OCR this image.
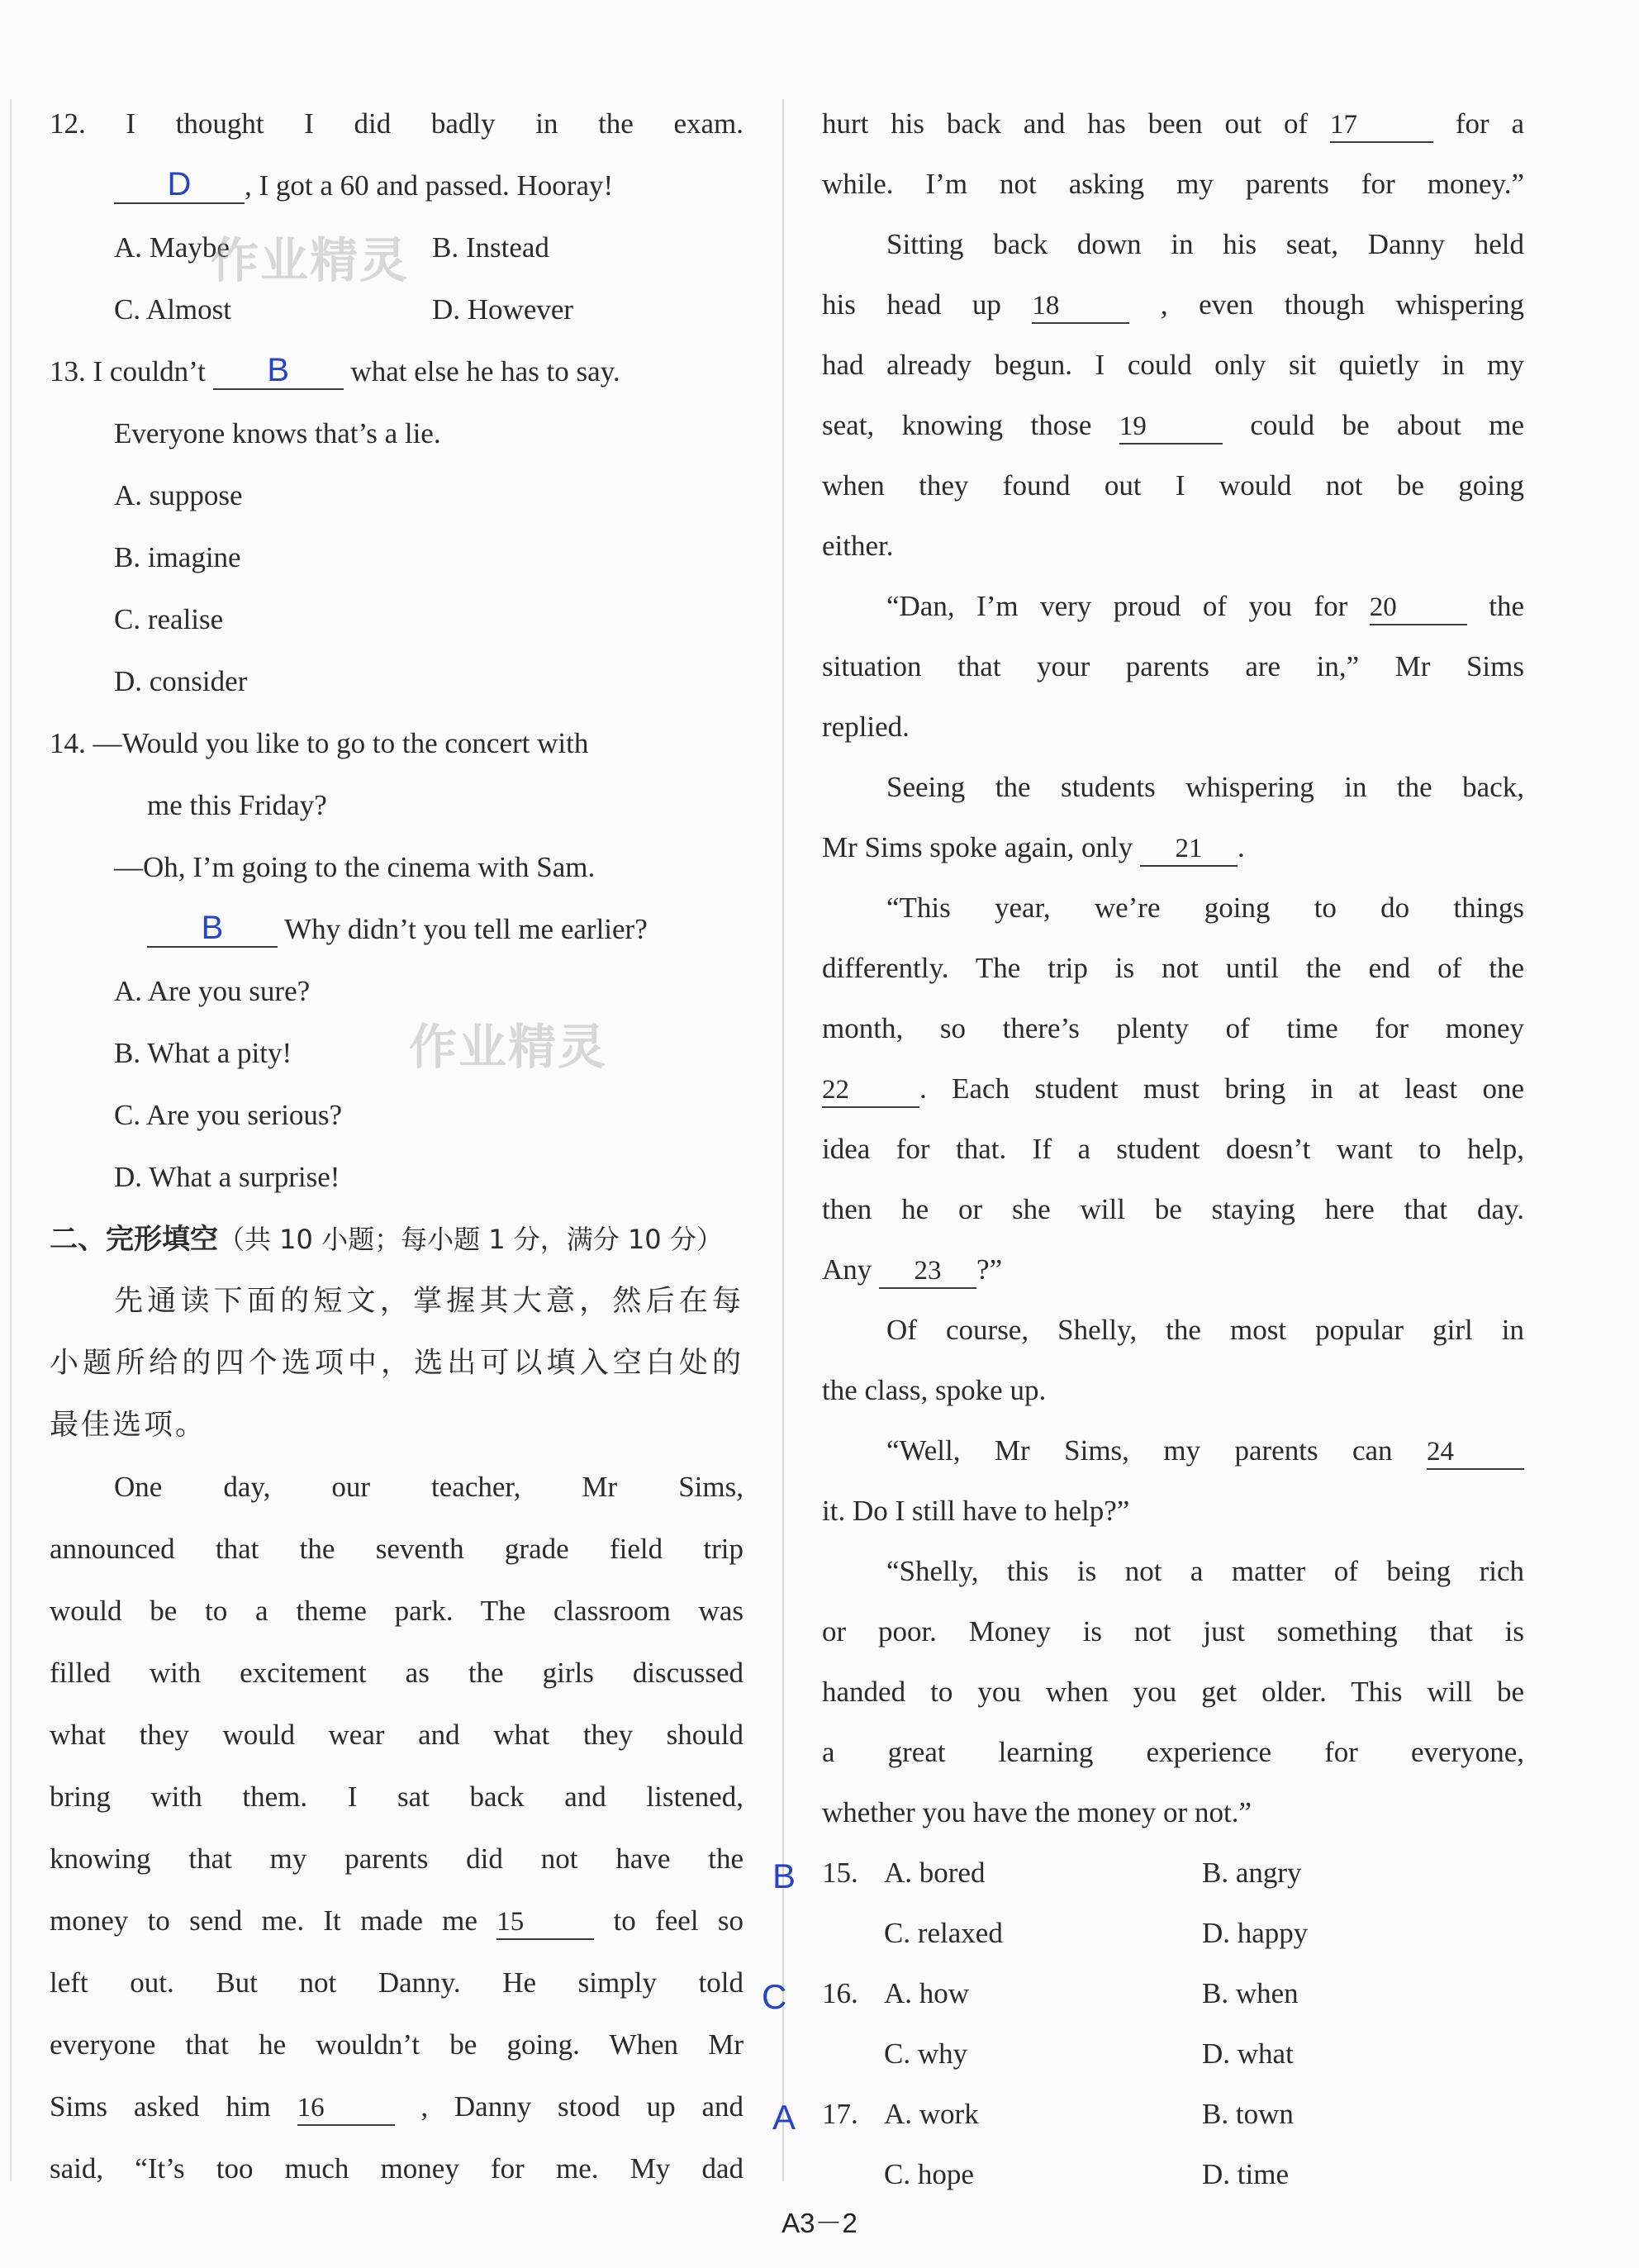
12. I thought I did badly in the exam.
D , I got a 60 and passed. Hooray!
A. Maybe	B. Instead
C. Almost	D. However
13. I couldn’t B what else he has to say.
Everyone knows that’s a lie.
A. suppose
B. imagine
C. realise
D. consider
14. —Would you like to go to the concert with
me this Friday?
—Oh, I’m going to the cinema with Sam.
B Why didn’t you tell me earlier?
A. Are you sure?
B. What a pity!
C. Are you serious?
D. What a surprise!
二、完形填空（共 10 小题；每小题 1 分，满分 10 分）
先通读下面的短文，掌握其大意，然后在每
小题所给的四个选项中，选出可以填入空白处的
最佳选项。
One day, our teacher, Mr Sims,
announced that the seventh grade field trip
would be to a theme park. The classroom was
filled with excitement as the girls discussed
what they would wear and what they should
bring with them. I sat back and listened,
knowing that my parents did not have the
money to send me. It made me 15	to feel so
left out. But not Danny. He simply told
everyone that he wouldn’t be going. When Mr
Sims asked him 16	, Danny stood up and
said, “It’s too much money for me. My dad
hurt his back and has been out of 17	for a
while. I’m not asking my parents for money.”
Sitting back down in his seat, Danny held
his head up 18	, even though whispering
had already begun. I could only sit quietly in my
seat, knowing those 19	could be about me
when they found out I would not be going
either.
“Dan, I’m very proud of you for 20	the
situation that your parents are in,” Mr Sims
replied.
Seeing the students whispering in the back,
Mr Sims spoke again, only 21 .
“This year, we’re going to do things
differently. The trip is not until the end of the
month, so there’s plenty of time for money
22 . Each student must bring in at least one
idea for that. If a student doesn’t want to help,
then he or she will be staying here that day.
Any 23 ?”
Of course, Shelly, the most popular girl in
the class, spoke up.
“Well, Mr Sims, my parents can 24
it. Do I still have to help?”
“Shelly, this is not a matter of being rich
or poor. Money is not just something that is
handed to you when you get older. This will be
a great learning experience for everyone,
whether you have the money or not.”
15. A. bored	B. angry
C. relaxed	D. happy
16. A. how	B. when
C. why	D. what
17. A. work	B. town
C. hope	D. time
B
C
A
作业精灵
作业精灵
A3－2
